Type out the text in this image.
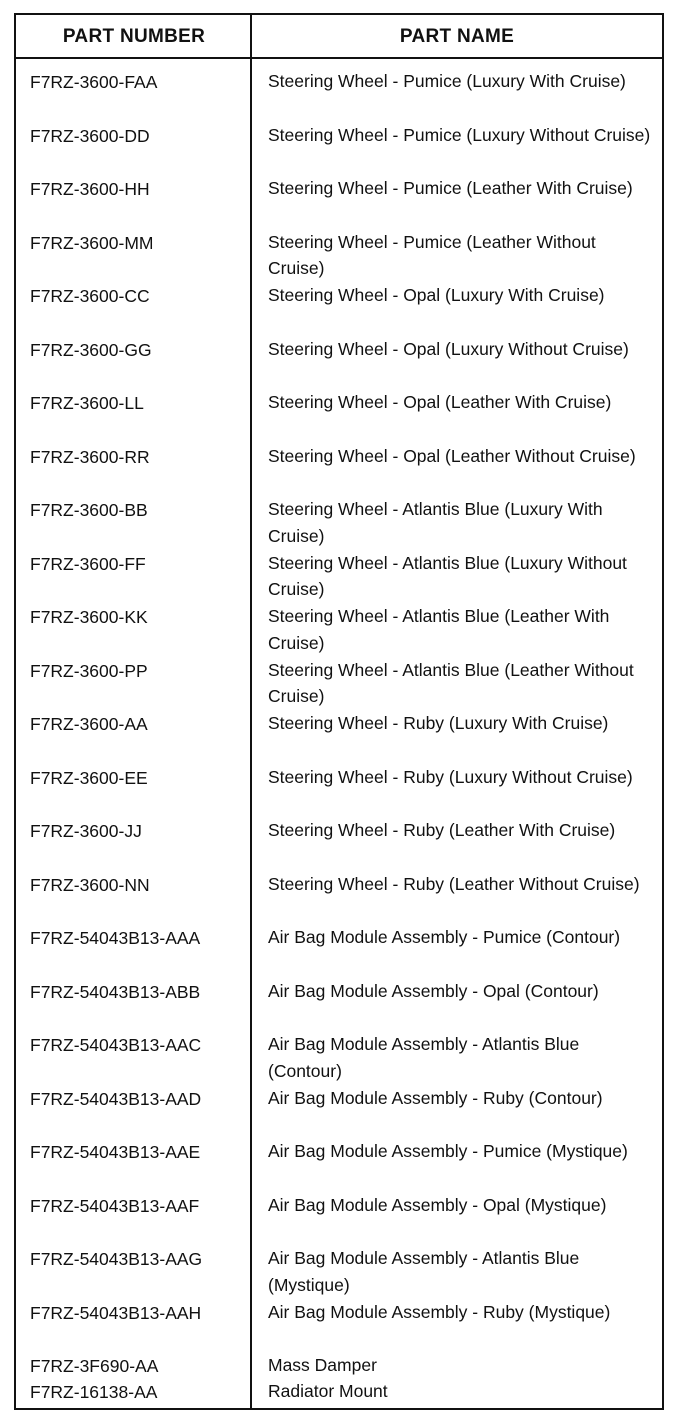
PART NUMBER	PART NAME
F7RZ-3600-FAA	Steering Wheel - Pumice (Luxury With Cruise)
F7RZ-3600-DD	Steering Wheel - Pumice (Luxury Without Cruise)
F7RZ-3600-HH	Steering Wheel - Pumice (Leather With Cruise)
F7RZ-3600-MM	Steering Wheel - Pumice (Leather Without Cruise)
F7RZ-3600-CC	Steering Wheel - Opal (Luxury With Cruise)
F7RZ-3600-GG	Steering Wheel - Opal (Luxury Without Cruise)
F7RZ-3600-LL	Steering Wheel - Opal (Leather With Cruise)
F7RZ-3600-RR	Steering Wheel - Opal (Leather Without Cruise)
F7RZ-3600-BB	Steering Wheel - Atlantis Blue (Luxury With Cruise)
F7RZ-3600-FF	Steering Wheel - Atlantis Blue (Luxury Without Cruise)
F7RZ-3600-KK	Steering Wheel - Atlantis Blue (Leather With Cruise)
F7RZ-3600-PP	Steering Wheel - Atlantis Blue (Leather Without Cruise)
F7RZ-3600-AA	Steering Wheel - Ruby (Luxury With Cruise)
F7RZ-3600-EE	Steering Wheel - Ruby (Luxury Without Cruise)
F7RZ-3600-JJ	Steering Wheel - Ruby (Leather With Cruise)
F7RZ-3600-NN	Steering Wheel - Ruby (Leather Without Cruise)
F7RZ-54043B13-AAA	Air Bag Module Assembly - Pumice (Contour)
F7RZ-54043B13-ABB	Air Bag Module Assembly - Opal (Contour)
F7RZ-54043B13-AAC	Air Bag Module Assembly - Atlantis Blue (Contour)
F7RZ-54043B13-AAD	Air Bag Module Assembly - Ruby (Contour)
F7RZ-54043B13-AAE	Air Bag Module Assembly - Pumice (Mystique)
F7RZ-54043B13-AAF	Air Bag Module Assembly - Opal (Mystique)
F7RZ-54043B13-AAG	Air Bag Module Assembly - Atlantis Blue (Mystique)
F7RZ-54043B13-AAH	Air Bag Module Assembly - Ruby (Mystique)
F7RZ-3F690-AA	Mass Damper
F7RZ-16138-AA	Radiator Mount
